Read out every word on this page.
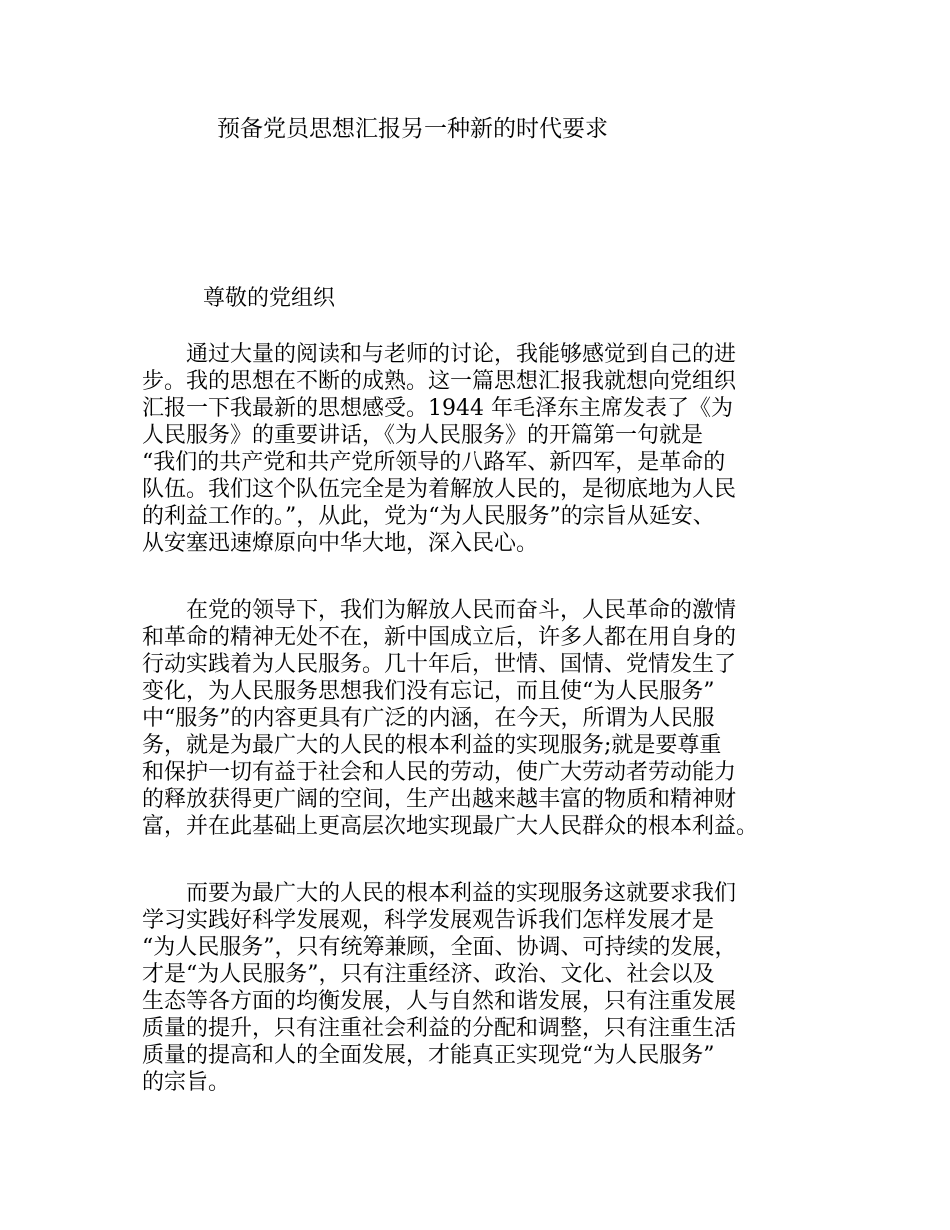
预备党员思想汇报另一种新的时代要求

尊敬的党组织

　　通过大量的阅读和与老师的讨论，我能够感觉到自己的进
步。我的思想在不断的成熟。这一篇思想汇报我就想向党组织
汇报一下我最新的思想感受。1944 年毛泽东主席发表了《为
人民服务》的重要讲话，《为人民服务》的开篇第一句就是
“我们的共产党和共产党所领导的八路军、新四军，是革命的
队伍。我们这个队伍完全是为着解放人民的，是彻底地为人民
的利益工作的。”，从此，党为“为人民服务”的宗旨从延安、
从安塞迅速燎原向中华大地，深入民心。
　　在党的领导下，我们为解放人民而奋斗，人民革命的激情
和革命的精神无处不在，新中国成立后，许多人都在用自身的
行动实践着为人民服务。几十年后，世情、国情、党情发生了
变化，为人民服务思想我们没有忘记，而且使“为人民服务”
中“服务”的内容更具有广泛的内涵，在今天，所谓为人民服
务，就是为最广大的人民的根本利益的实现服务;就是要尊重
和保护一切有益于社会和人民的劳动，使广大劳动者劳动能力
的释放获得更广阔的空间，生产出越来越丰富的物质和精神财
富，并在此基础上更高层次地实现最广大人民群众的根本利益。
　　而要为最广大的人民的根本利益的实现服务这就要求我们
学习实践好科学发展观，科学发展观告诉我们怎样发展才是
“为人民服务”，只有统筹兼顾，全面、协调、可持续的发展，
才是“为人民服务”，只有注重经济、政治、文化、社会以及
生态等各方面的均衡发展，人与自然和谐发展，只有注重发展
质量的提升，只有注重社会利益的分配和调整，只有注重生活
质量的提高和人的全面发展，才能真正实现党“为人民服务”
的宗旨。
